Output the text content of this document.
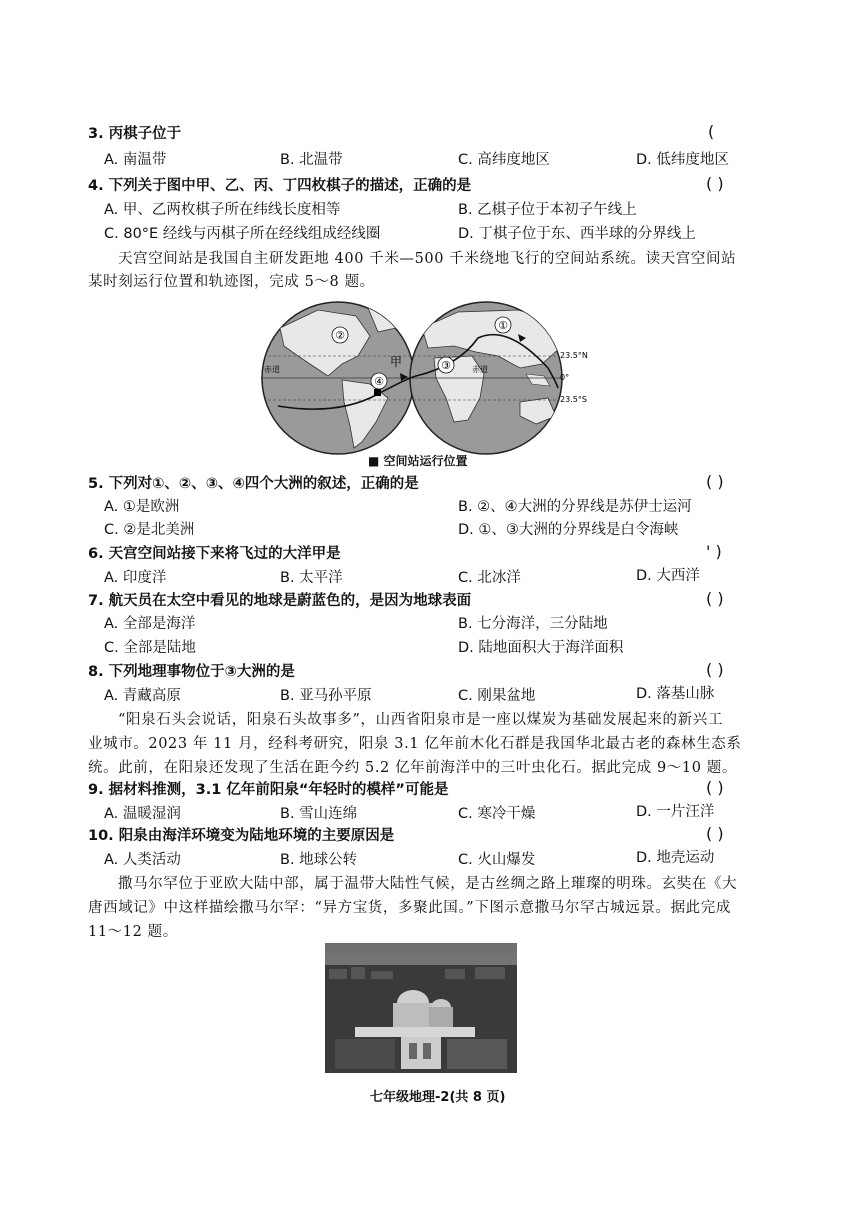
3. 丙棋子位于	(
A. 南温带	B. 北温带	C. 高纬度地区	D. 低纬度地区
4. 下列关于图中甲、乙、丙、丁四枚棋子的描述，正确的是	( )
A. 甲、乙两枚棋子所在纬线长度相等	B. 乙棋子位于本初子午线上
C. 80°E 经线与丙棋子所在经线组成经线圈	D. 丁棋子位于东、西半球的分界线上
天宫空间站是我国自主研发距地 400 千米—500 千米绕地飞行的空间站系统。读天宫空间站
某时刻运行位置和轨迹图，完成 5～8 题。
②
④
①
③
甲
赤道	赤道
23.5°N
0°
23.5°S
■ 空间站运行位置
5. 下列对①、②、③、④四个大洲的叙述，正确的是	( )
A. ①是欧洲	B. ②、④大洲的分界线是苏伊士运河
C. ②是北美洲	D. ①、③大洲的分界线是白令海峡
6. 天宫空间站接下来将飞过的大洋甲是	' )
A. 印度洋	B. 太平洋	C. 北冰洋	D. 大西洋
7. 航天员在太空中看见的地球是蔚蓝色的，是因为地球表面	( )
A. 全部是海洋	B. 七分海洋，三分陆地
C. 全部是陆地	D. 陆地面积大于海洋面积
8. 下列地理事物位于③大洲的是	( )
A. 青藏高原	B. 亚马孙平原	C. 刚果盆地	D. 落基山脉
“阳泉石头会说话，阳泉石头故事多”，山西省阳泉市是一座以煤炭为基础发展起来的新兴工
业城市。2023 年 11 月，经科考研究，阳泉 3.1 亿年前木化石群是我国华北最古老的森林生态系
统。此前，在阳泉还发现了生活在距今约 5.2 亿年前海洋中的三叶虫化石。据此完成 9～10 题。
9. 据材料推测，3.1 亿年前阳泉“年轻时的模样”可能是	( )
A. 温暖湿润	B. 雪山连绵	C. 寒冷干燥	D. 一片汪洋
10. 阳泉由海洋环境变为陆地环境的主要原因是	( )
A. 人类活动	B. 地球公转	C. 火山爆发	D. 地壳运动
撒马尔罕位于亚欧大陆中部，属于温带大陆性气候，是古丝绸之路上璀璨的明珠。玄奘在《大
唐西域记》中这样描绘撒马尔罕：“异方宝货，多聚此国。”下图示意撒马尔罕古城远景。据此完成
11～12 题。
七年级地理-2(共 8 页)
